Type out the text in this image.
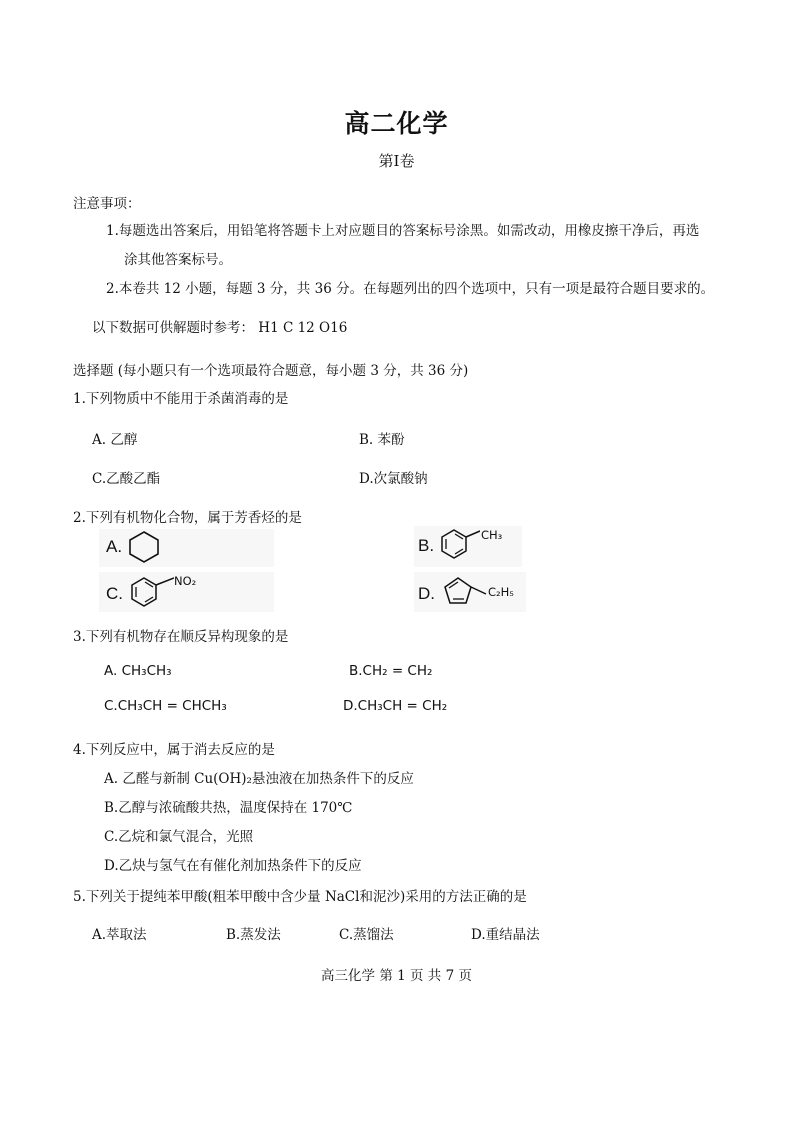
高二化学
第Ⅰ卷
注意事项：
1.每题选出答案后，用铅笔将答题卡上对应题目的答案标号涂黑。如需改动，用橡皮擦干净后，再选
涂其他答案标号。
2.本卷共 12 小题，每题 3 分，共 36 分。在每题列出的四个选项中，只有一项是最符合题目要求的。
以下数据可供解题时参考： H1 C 12 O16
选择题 (每小题只有一个选项最符合题意，每小题 3 分，共 36 分)
1.下列物质中不能用于杀菌消毒的是
A. 乙醇	B. 苯酚
C.乙酸乙酯	D.次氯酸钠
2.下列有机物化合物，属于芳香烃的是
A.	B.
C.	D.
CH₃
NO₂
C₂H₅
3.下列有机物存在顺反异构现象的是
A. CH₃CH₃	B.CH₂ = CH₂
C.CH₃CH = CHCH₃	D.CH₃CH = CH₂
4.下列反应中，属于消去反应的是
A. 乙醛与新制 Cu(OH)₂悬浊液在加热条件下的反应
B.乙醇与浓硫酸共热，温度保持在 170℃
C.乙烷和氯气混合，光照
D.乙炔与氢气在有催化剂加热条件下的反应
5.下列关于提纯苯甲酸(粗苯甲酸中含少量 NaCl和泥沙)采用的方法正确的是
A.萃取法	B.蒸发法	C.蒸馏法	D.重结晶法
高三化学 第 1 页 共 7 页
